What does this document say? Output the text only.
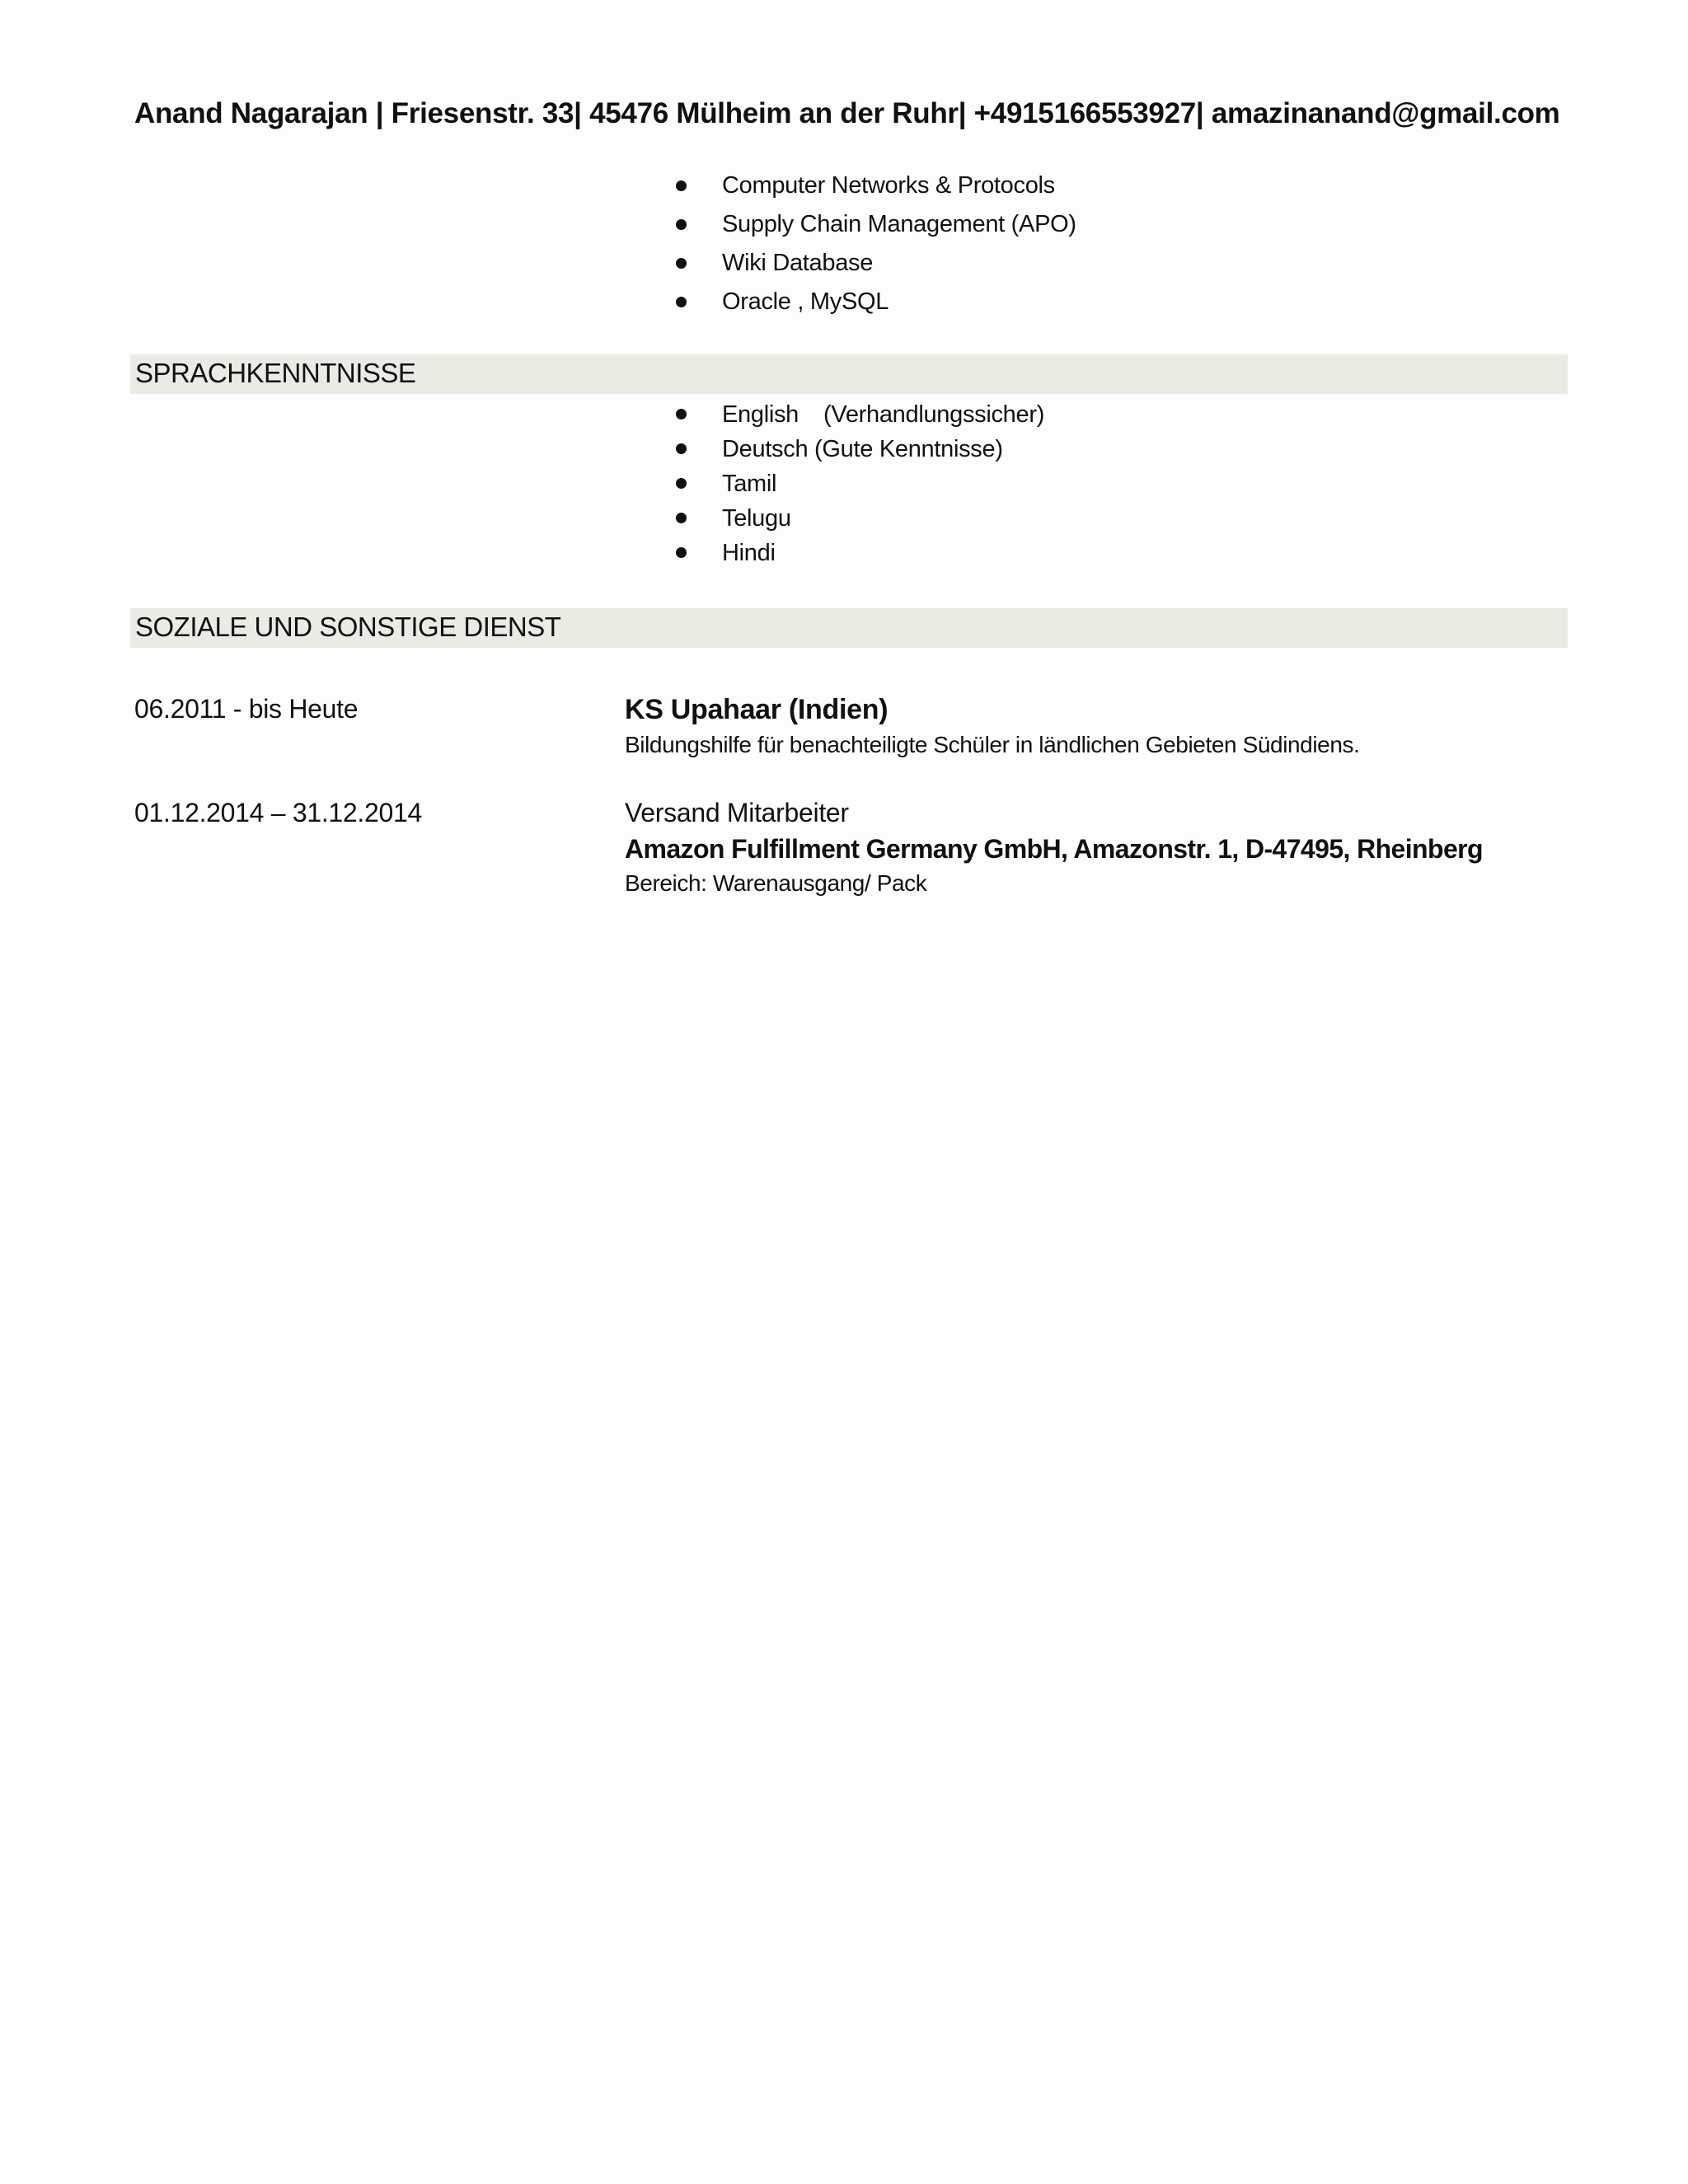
Anand Nagarajan | Friesenstr. 33| 45476 Mülheim an der Ruhr| +4915166553927| amazinanand@gmail.com
Computer Networks & Protocols
Supply Chain Management (APO)
Wiki Database
Oracle , MySQL
SPRACHKENNTNISSE
English (Verhandlungssicher)
Deutsch (Gute Kenntnisse)
Tamil
Telugu
Hindi
SOZIALE UND SONSTIGE DIENST
06.2011 - bis Heute	KS Upahaar (Indien)
Bildungshilfe für benachteiligte Schüler in ländlichen Gebieten Südindiens.
01.12.2014 – 31.12.2014	Versand Mitarbeiter
Amazon Fulfillment Germany GmbH, Amazonstr. 1, D-47495, Rheinberg
Bereich: Warenausgang/ Pack
